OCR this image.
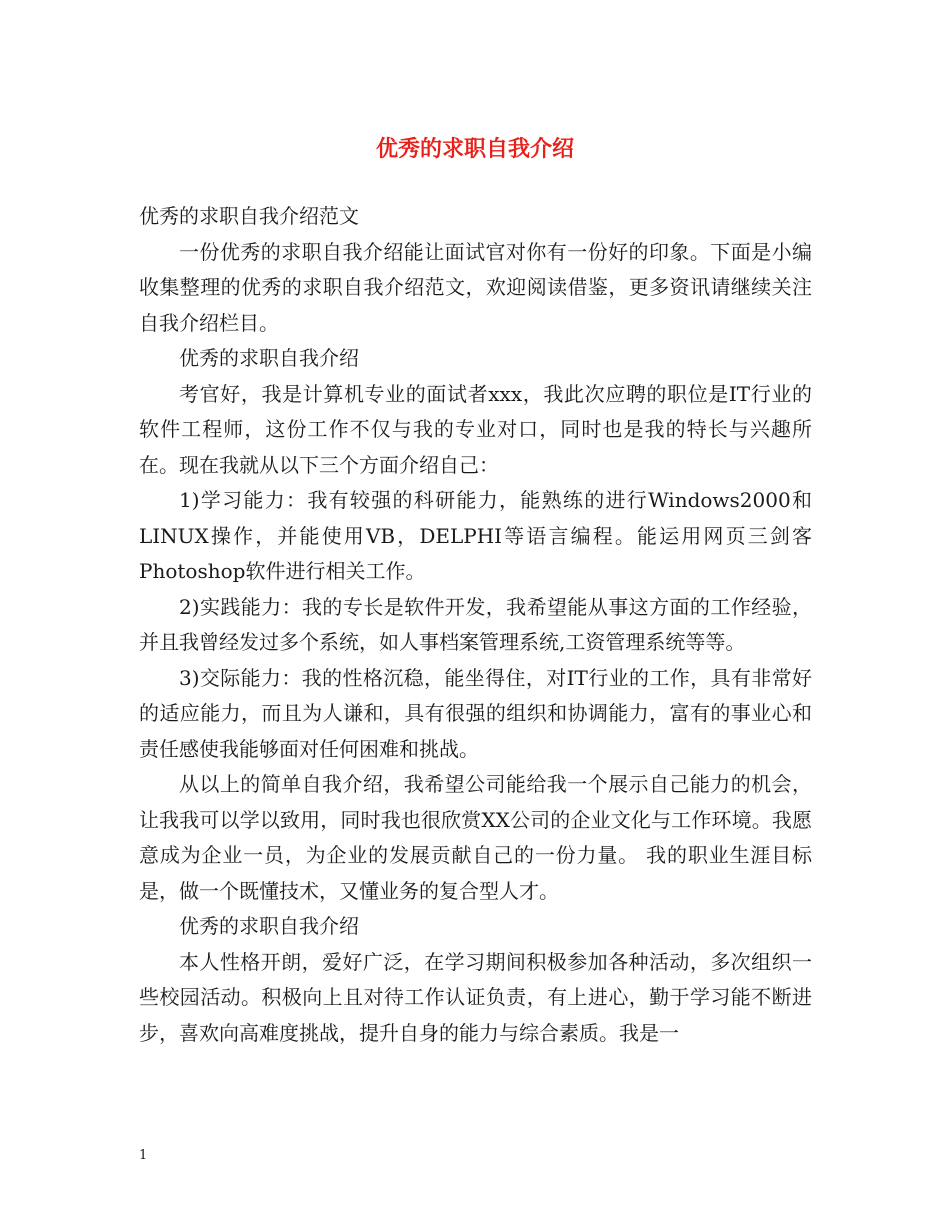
优秀的求职自我介绍

优秀的求职自我介绍范文

一份优秀的求职自我介绍能让面试官对你有一份好的印象。下面是小编收集整理的优秀的求职自我介绍范文，欢迎阅读借鉴，更多资讯请继续关注自我介绍栏目。

优秀的求职自我介绍

考官好，我是计算机专业的面试者xxx，我此次应聘的职位是IT行业的软件工程师，这份工作不仅与我的专业对口，同时也是我的特长与兴趣所在。现在我就从以下三个方面介绍自己：

1)学习能力：我有较强的科研能力，能熟练的进行Windows2000和LINUX操作，并能使用VB，DELPHI等语言编程。能运用网页三剑客Photoshop软件进行相关工作。

2)实践能力：我的专长是软件开发，我希望能从事这方面的工作经验，并且我曾经发过多个系统，如人事档案管理系统,工资管理系统等等。

3)交际能力：我的性格沉稳，能坐得住，对IT行业的工作，具有非常好的适应能力，而且为人谦和，具有很强的组织和协调能力，富有的事业心和责任感使我能够面对任何困难和挑战。

从以上的简单自我介绍，我希望公司能给我一个展示自己能力的机会，让我我可以学以致用，同时我也很欣赏XX公司的企业文化与工作环境。我愿意成为企业一员，为企业的发展贡献自己的一份力量。 我的职业生涯目标是，做一个既懂技术，又懂业务的复合型人才。

优秀的求职自我介绍

本人性格开朗，爱好广泛，在学习期间积极参加各种活动，多次组织一些校园活动。积极向上且对待工作认证负责，有上进心，勤于学习能不断进步，喜欢向高难度挑战，提升自身的能力与综合素质。我是一

1
